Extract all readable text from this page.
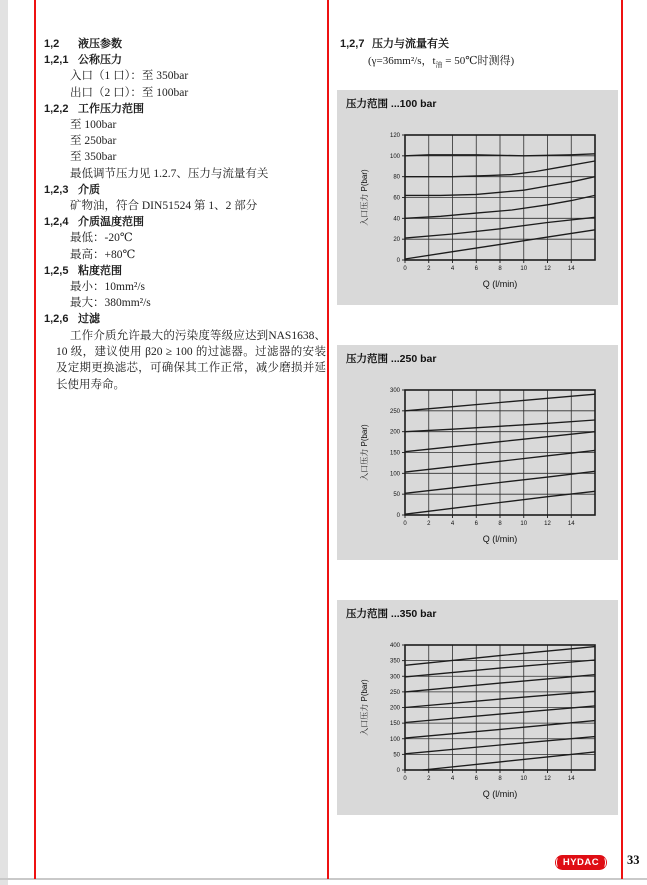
1,2 液压参数
1,2,1 公称压力
入口（1 口）：至 350bar
出口（2 口）：至 100bar
1,2,2 工作压力范围
至 100bar
至 250bar
至 350bar
最低调节压力见 1.2.7、压力与流量有关
1,2,3 介质
矿物油，符合 DIN51524 第 1、2 部分
1,2,4 介质温度范围
最低：-20℃
最高：+80℃
1,2,5 粘度范围
最小：10mm²/s
最大：380mm²/s
1,2,6 过滤
工作介质允许最大的污染度等级应达到NAS1638、10 级，建议使用 β20 ≥ 100 的过滤器。过滤器的安装及定期更换滤芯，可确保其工作正常，减少磨损并延长使用寿命。
1,2,7 压力与流量有关
(γ=36mm²/s，$t_油$ = 50℃时测得)
0
20
40
60
80
100
120
0	2	4	6	8	10	12	14
Q (l/min)
入口压力 P(bar)
压力范围 ...100 bar
0
50
100
150
200
250
300
0	2	4	6	8	10	12	14
Q (l/min)
入口压力 P(bar)
压力范围 ...250 bar
0
50
100
150
200
250
300
350
400
0	2	4	6	8	10	12	14
Q (l/min)
入口压力 P(bar)
压力范围 ...350 bar
HYDAC 33
